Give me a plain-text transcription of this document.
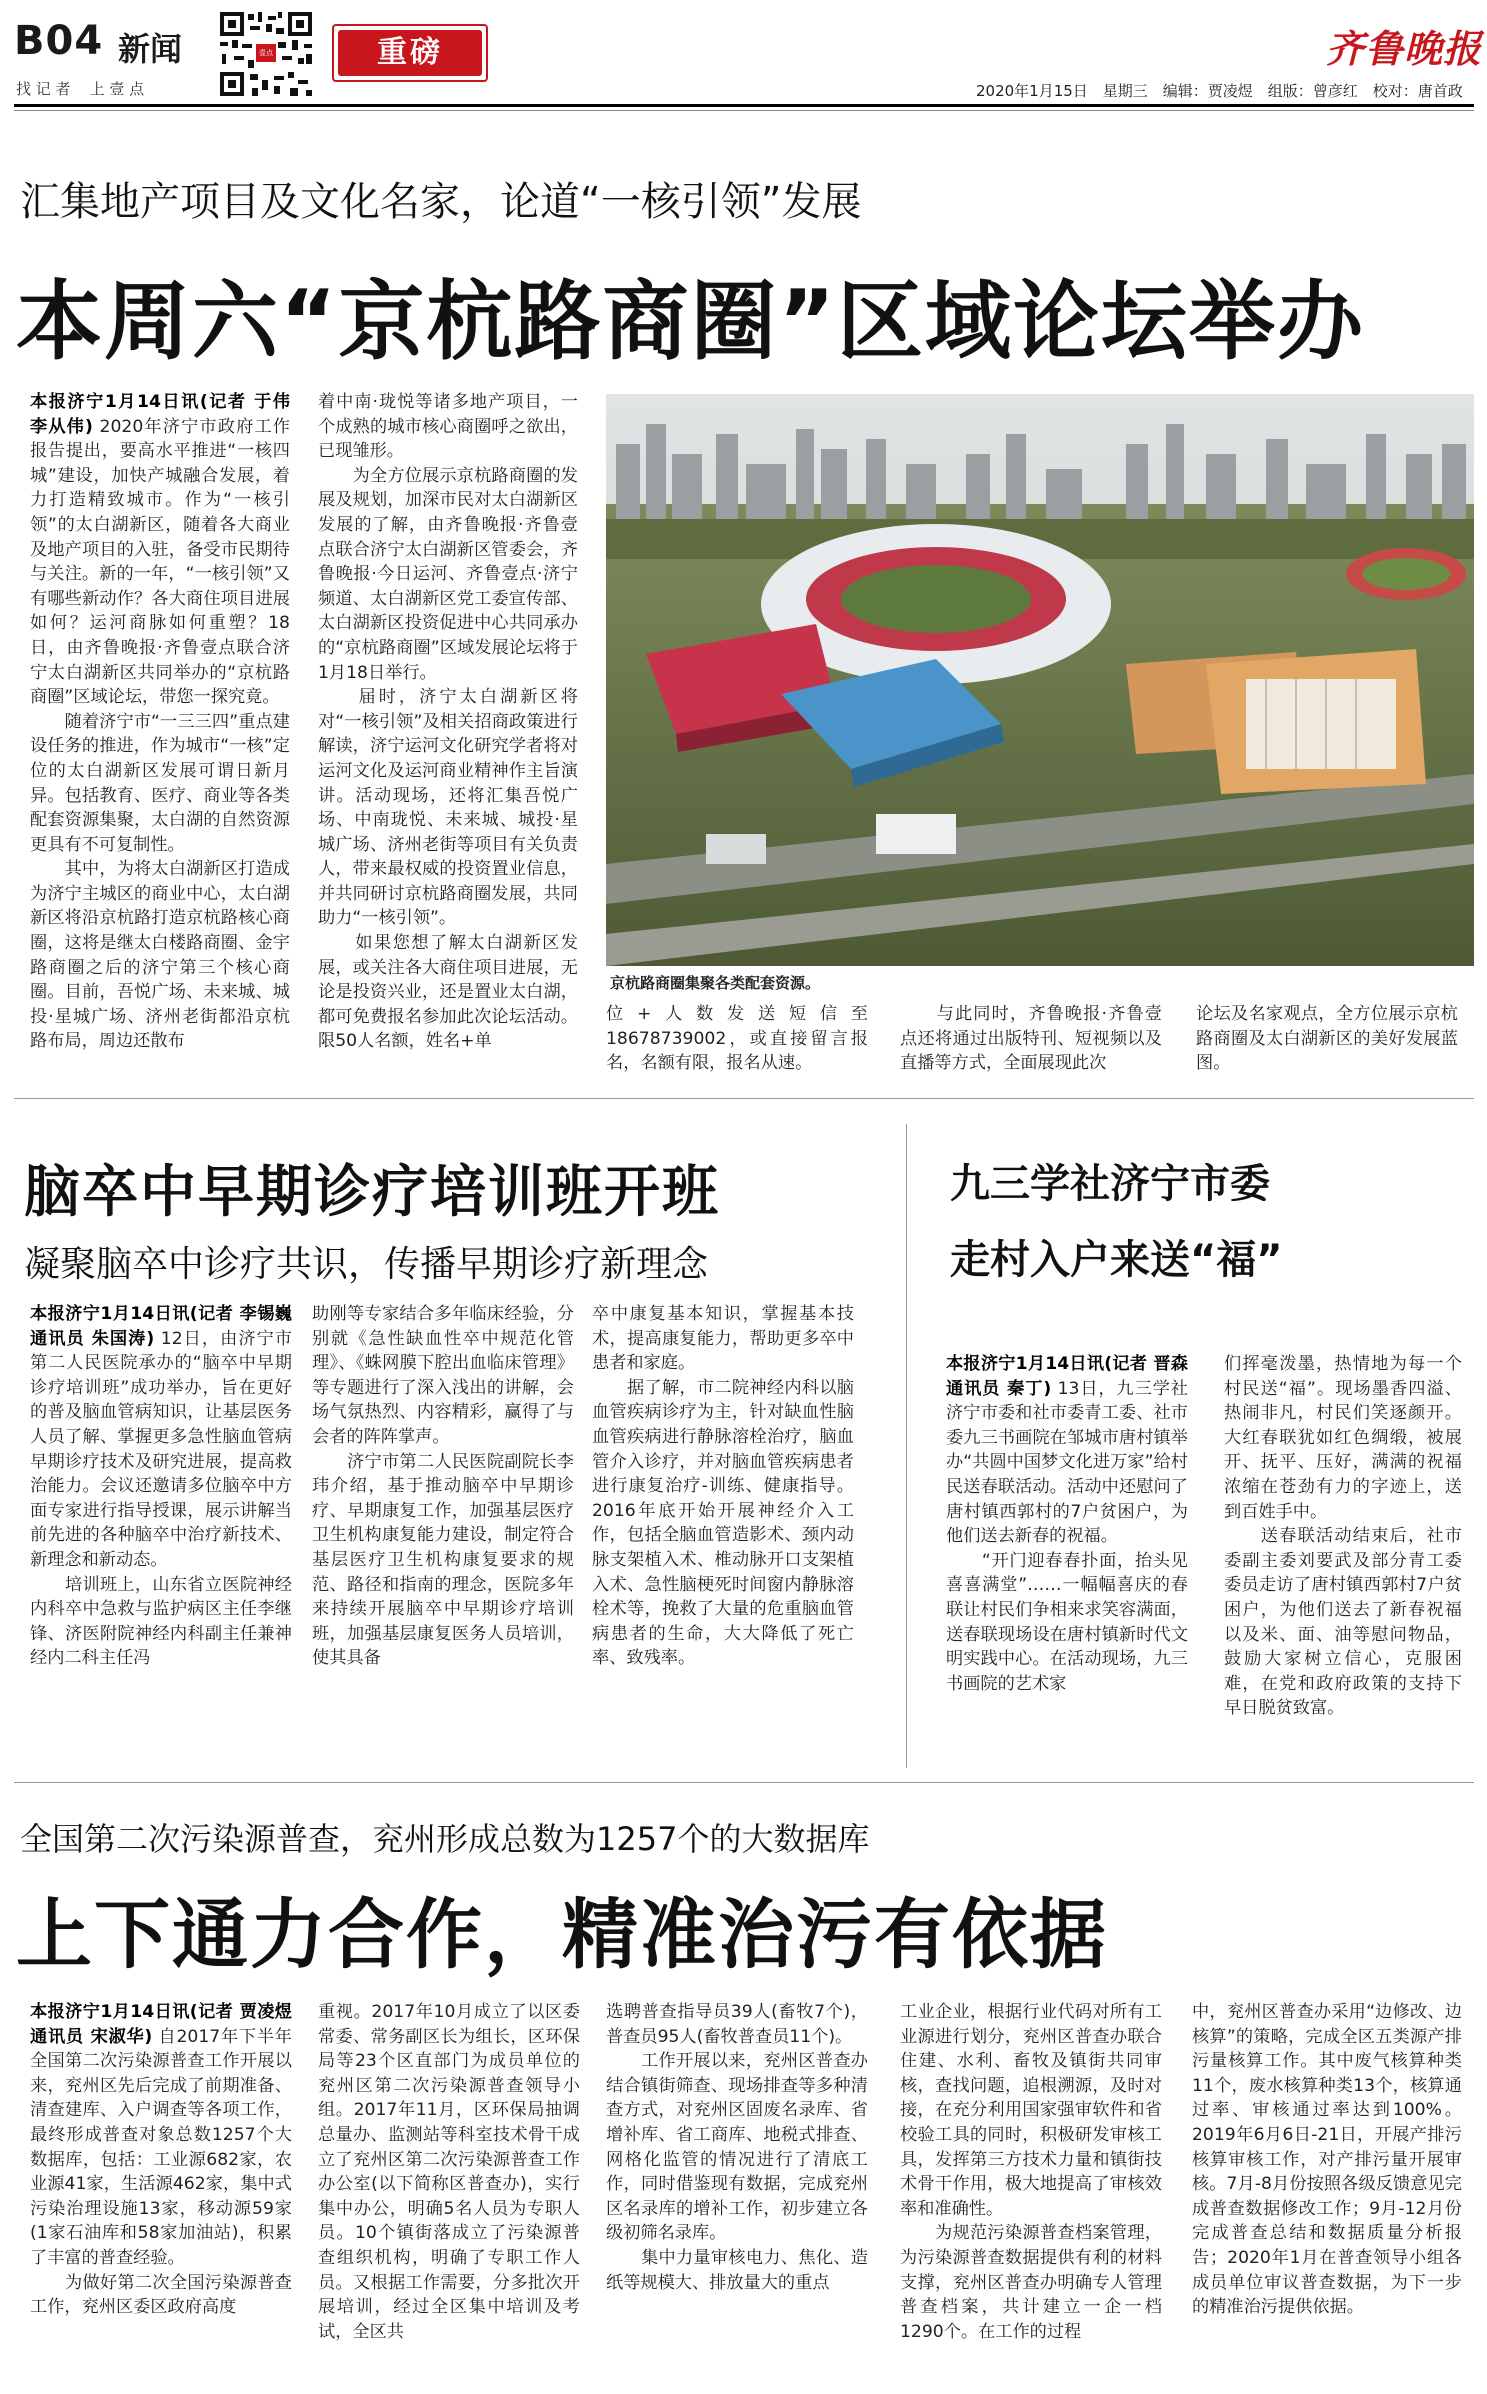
B04 新闻
找 记 者    上 壹 点
壹点	重磅	齐鲁晚报
2020年1月15日　星期三　编辑：贾凌煜　组版：曾彦红　校对：唐首政
汇集地产项目及文化名家，论道“一核引领”发展
本周六“京杭路商圈”区域论坛举办

本报济宁1月14日讯(记者 于伟 李从伟) 2020年济宁市政府工作报告提出，要高水平推进“一核四城”建设，加快产城融合发展，着力打造精致城市。作为“一核引领”的太白湖新区，随着各大商业及地产项目的入驻，备受市民期待与关注。新的一年，“一核引领”又有哪些新动作？各大商住项目进展如何？运河商脉如何重塑？18日，由齐鲁晚报·齐鲁壹点联合济宁太白湖新区共同举办的“京杭路商圈”区域论坛，带您一探究竟。
　　随着济宁市“一三三四”重点建设任务的推进，作为城市“一核”定位的太白湖新区发展可谓日新月异。包括教育、医疗、商业等各类配套资源集聚，太白湖的自然资源更具有不可复制性。
　　其中，为将太白湖新区打造成为济宁主城区的商业中心，太白湖新区将沿京杭路打造京杭路核心商圈，这将是继太白楼路商圈、金宇路商圈之后的济宁第三个核心商圈。目前，吾悦广场、未来城、城投·星城广场、济州老街都沿京杭路布局，周边还散布

着中南·珑悦等诸多地产项目，一个成熟的城市核心商圈呼之欲出，已现雏形。
　　为全方位展示京杭路商圈的发展及规划，加深市民对太白湖新区发展的了解，由齐鲁晚报·齐鲁壹点联合济宁太白湖新区管委会，齐鲁晚报·今日运河、齐鲁壹点·济宁频道、太白湖新区党工委宣传部、太白湖新区投资促进中心共同承办的“京杭路商圈”区域发展论坛将于1月18日举行。
　　届时，济宁太白湖新区将对“一核引领”及相关招商政策进行解读，济宁运河文化研究学者将对运河文化及运河商业精神作主旨演讲。活动现场，还将汇集吾悦广场、中南珑悦、未来城、城投·星城广场、济州老街等项目有关负责人，带来最权威的投资置业信息，并共同研讨京杭路商圈发展，共同助力“一核引领”。
　　如果您想了解太白湖新区发展，或关注各大商住项目进展，无论是投资兴业，还是置业太白湖，都可免费报名参加此次论坛活动。限50人名额，姓名+单

京杭路商圈集聚各类配套资源。

位+人数发送短信至18678739002，或直接留言报名，名额有限，报名从速。

　　与此同时，齐鲁晚报·齐鲁壹点还将通过出版特刊、短视频以及直播等方式，全面展现此次

论坛及名家观点，全方位展示京杭路商圈及太白湖新区的美好发展蓝图。

脑卒中早期诊疗培训班开班
凝聚脑卒中诊疗共识，传播早期诊疗新理念

本报济宁1月14日讯(记者 李锡巍 通讯员 朱国涛) 12日，由济宁市第二人民医院承办的“脑卒中早期诊疗培训班”成功举办，旨在更好的普及脑血管病知识，让基层医务人员了解、掌握更多急性脑血管病早期诊疗技术及研究进展，提高救治能力。会议还邀请多位脑卒中方面专家进行指导授课，展示讲解当前先进的各种脑卒中治疗新技术、新理念和新动态。
　　培训班上，山东省立医院神经内科卒中急救与监护病区主任李继锋、济医附院神经内科副主任兼神经内二科主任冯

助刚等专家结合多年临床经验，分别就《急性缺血性卒中规范化管理》、《蛛网膜下腔出血临床管理》等专题进行了深入浅出的讲解，会场气氛热烈、内容精彩，赢得了与会者的阵阵掌声。
　　济宁市第二人民医院副院长李玮介绍，基于推动脑卒中早期诊疗、早期康复工作，加强基层医疗卫生机构康复能力建设，制定符合基层医疗卫生机构康复要求的规范、路径和指南的理念，医院多年来持续开展脑卒中早期诊疗培训班，加强基层康复医务人员培训，使其具备

卒中康复基本知识，掌握基本技术，提高康复能力，帮助更多卒中患者和家庭。
　　据了解，市二院神经内科以脑血管疾病诊疗为主，针对缺血性脑血管疾病进行静脉溶栓治疗，脑血管介入诊疗，并对脑血管疾病患者进行康复治疗-训练、健康指导。2016年底开始开展神经介入工作，包括全脑血管造影术、颈内动脉支架植入术、椎动脉开口支架植入术、急性脑梗死时间窗内静脉溶栓术等，挽救了大量的危重脑血管病患者的生命，大大降低了死亡率、致残率。

九三学社济宁市委
走村入户来送“福”

本报济宁1月14日讯(记者 晋森 通讯员 秦丁) 13日，九三学社济宁市委和社市委青工委、社市委九三书画院在邹城市唐村镇举办“共圆中国梦文化进万家”给村民送春联活动。活动中还慰问了唐村镇西郭村的7户贫困户，为他们送去新春的祝福。
　　“开门迎春春扑面，抬头见喜喜满堂”……一幅幅喜庆的春联让村民们争相来求笑容满面，送春联现场设在唐村镇新时代文明实践中心。在活动现场，九三书画院的艺术家

们挥毫泼墨，热情地为每一个村民送“福”。现场墨香四溢、热闹非凡，村民们笑逐颜开。大红春联犹如红色绸缎，被展开、抚平、压好，满满的祝福浓缩在苍劲有力的字迹上，送到百姓手中。
　　送春联活动结束后，社市委副主委刘要武及部分青工委委员走访了唐村镇西郭村7户贫困户，为他们送去了新春祝福以及米、面、油等慰问物品，鼓励大家树立信心，克服困难，在党和政府政策的支持下早日脱贫致富。

全国第二次污染源普查，兖州形成总数为1257个的大数据库
上下通力合作，精准治污有依据

本报济宁1月14日讯(记者 贾凌煜 通讯员 宋淑华) 自2017年下半年全国第二次污染源普查工作开展以来，兖州区先后完成了前期准备、清查建库、入户调查等各项工作，最终形成普查对象总数1257个大数据库，包括：工业源682家，农业源41家，生活源462家，集中式污染治理设施13家，移动源59家(1家石油库和58家加油站)，积累了丰富的普查经验。
　　为做好第二次全国污染源普查工作，兖州区委区政府高度

重视。2017年10月成立了以区委常委、常务副区长为组长，区环保局等23个区直部门为成员单位的兖州区第二次污染源普查领导小组。2017年11月，区环保局抽调总量办、监测站等科室技术骨干成立了兖州区第二次污染源普查工作办公室(以下简称区普查办)，实行集中办公，明确5名人员为专职人员。10个镇街落成立了污染源普查组织机构，明确了专职工作人员。又根据工作需要，分多批次开展培训，经过全区集中培训及考试，全区共

选聘普查指导员39人(畜牧7个)，普查员95人(畜牧普查员11个)。
　　工作开展以来，兖州区普查办结合镇街筛查、现场排查等多种清查方式，对兖州区固废名录库、省增补库、省工商库、地税式排查、网格化监管的情况进行了清底工作，同时借鉴现有数据，完成兖州区名录库的增补工作，初步建立各级初筛名录库。
　　集中力量审核电力、焦化、造纸等规模大、排放量大的重点

工业企业，根据行业代码对所有工业源进行划分，兖州区普查办联合住建、水利、畜牧及镇街共同审核，查找问题，追根溯源，及时对接，在充分利用国家强审软件和省校验工具的同时，积极研发审核工具，发挥第三方技术力量和镇街技术骨干作用，极大地提高了审核效率和准确性。
　　为规范污染源普查档案管理，为污染源普查数据提供有利的材料支撑，兖州区普查办明确专人管理普查档案，共计建立一企一档1290个。在工作的过程

中，兖州区普查办采用“边修改、边核算”的策略，完成全区五类源产排污量核算工作。其中废气核算种类11个，废水核算种类13个，核算通过率、审核通过率达到100%。2019年6月6日-21日，开展产排污核算审核工作，对产排污量开展审核。7月-8月份按照各级反馈意见完成普查数据修改工作；9月-12月份完成普查总结和数据质量分析报告；2020年1月在普查领导小组各成员单位审议普查数据，为下一步的精准治污提供依据。
